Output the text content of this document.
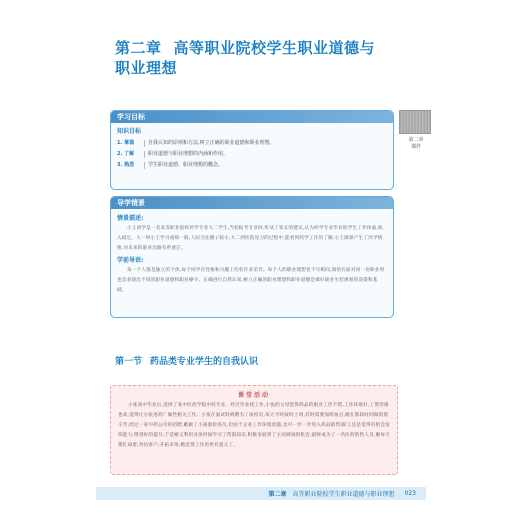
第二章 高等职业院校学生职业道德与
职业理想
学习目标
知识目标
1. 掌握	自我认知的原则和方法,树立正确的职业道德和职业理想。
2. 了解	职业道德与职业理想的内涵和作用。
3. 熟悉	学生职业道德、职业理想的概念。
第二章
课件
导学情景
情景描述:
小王同学是一名高等职业院校药学专业大二学生,当初报考专业时,听从了家长的建议,认为药学专业毕业的学生工作体面,收入稳定。大一时小王学习成绩一般,人际交往圈子较小,大二到医院见习的过程中,能看到药学工作的了解,小王渐渐产生了厌学情绪,对未来的职业出路有些迷茫。
学前导语:
每一个人都是独立的个体,每个同学在性格和兴趣上均有许多差异。每个人的职业理想也不尽相同,领悟在面对同一份职业时也会表现出不同的职业道德和职业操守。正确进行自我认知,树立正确的职业理想和职业道德是做好职业生涯规划的前提和基础。
第一节 药品类专业学生的自我认识
课堂活动
小张高中毕业后,选择了某中医药学院中药专业。经过毕业找工作,小张的父母觉得药品的职业工作不错,工作环境好,工资待遇也高,觉得让小张进药厂做些相关工作。小张在面试时被聘为了质检员,每天平时按时上班,有时需要加班加点,她在那段时间做的很辛苦,经过一家中药公司的招聘,她做了小质量检查员,但由于企业工作环境优越,也可一步一步进入药品销售部门,还是觉得有机会发挥能力,得到好的提升,于是她又利用业余时间学习了营销知识,积极争取到了主动调岗的机会,最终成为了一名医药销售人员,她每天都忙碌着,拜访客户,开拓市场,她觉得工作的更有意义了。
第二章 高等职业院校学生职业道德与职业理想 023
